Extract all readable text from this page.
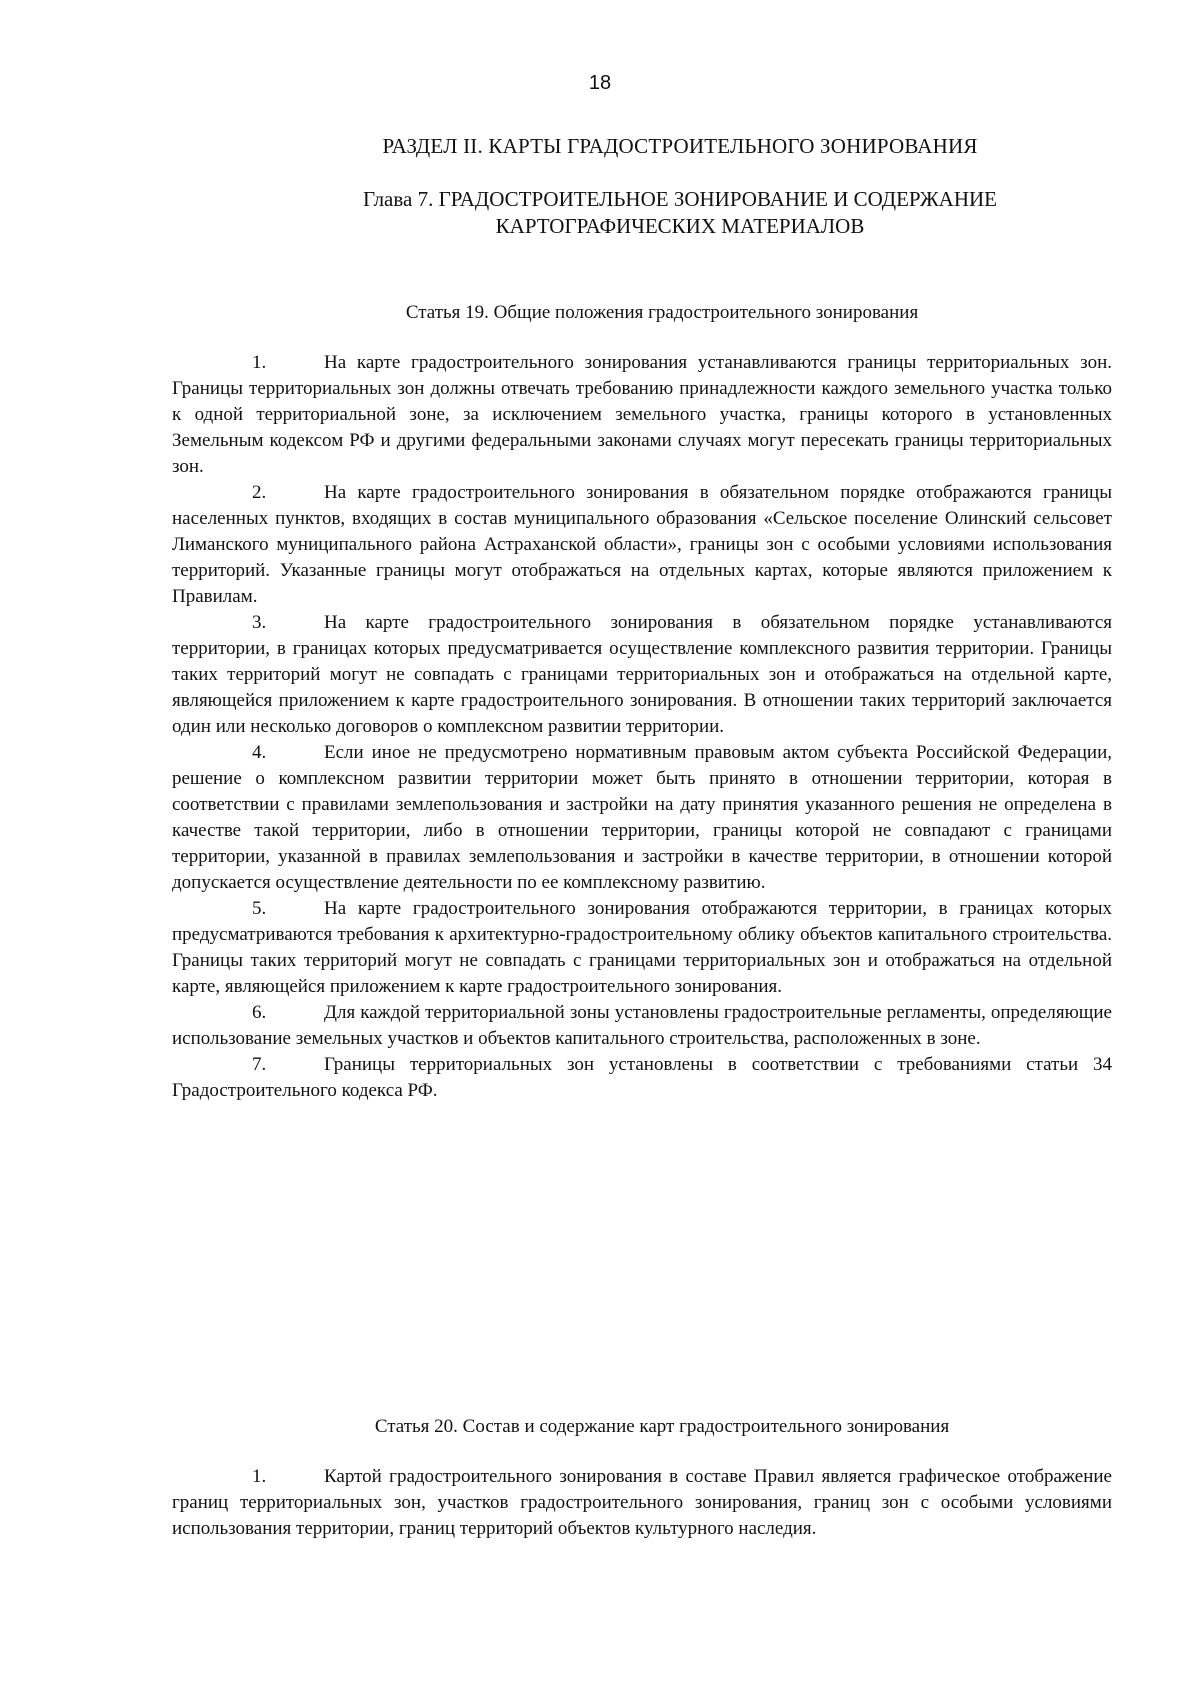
18
РАЗДЕЛ II. КАРТЫ ГРАДОСТРОИТЕЛЬНОГО ЗОНИРОВАНИЯ
Глава 7. ГРАДОСТРОИТЕЛЬНОЕ ЗОНИРОВАНИЕ И СОДЕРЖАНИЕ
КАРТОГРАФИЧЕСКИХ МАТЕРИАЛОВ
Статья 19. Общие положения градостроительного зонирования

1.	На карте градостроительного зонирования устанавливаются границы территориальных зон. Границы территориальных зон должны отвечать требованию принадлежности каждого земельного участка только к одной территориальной зоне, за исключением земельного участка, границы которого в установленных Земельным кодексом РФ и другими федеральными законами случаях могут пересекать границы территориальных зон.

2.	На карте градостроительного зонирования в обязательном порядке отображаются границы населенных пунктов, входящих в состав муниципального образования «Сельское поселение Олинский сельсовет Лиманского муниципального района Астраханской области», границы зон с особыми условиями использования территорий. Указанные границы могут отображаться на отдельных картах, которые являются приложением к Правилам.

3.	На карте градостроительного зонирования в обязательном порядке устанавливаются территории, в границах которых предусматривается осуществление комплексного развития территории. Границы таких территорий могут не совпадать с границами территориальных зон и отображаться на отдельной карте, являющейся приложением к карте градостроительного зонирования. В отношении таких территорий заключается один или несколько договоров о комплексном развитии территории.

4.	Если иное не предусмотрено нормативным правовым актом субъекта Российской Федерации, решение о комплексном развитии территории может быть принято в отношении территории, которая в соответствии с правилами землепользования и застройки на дату принятия указанного решения не определена в качестве такой территории, либо в отношении территории, границы которой не совпадают с границами территории, указанной в правилах землепользования и застройки в качестве территории, в отношении которой допускается осуществление деятельности по ее комплексному развитию.

5.	На карте градостроительного зонирования отображаются территории, в границах которых предусматриваются требования к архитектурно-градостроительному облику объектов капитального строительства. Границы таких территорий могут не совпадать с границами территориальных зон и отображаться на отдельной карте, являющейся приложением к карте градостроительного зонирования.

6.	Для каждой территориальной зоны установлены градостроительные регламенты, определяющие использование земельных участков и объектов капитального строительства, расположенных в зоне.

7.	Границы территориальных зон установлены в соответствии с требованиями статьи 34 Градостроительного кодекса РФ.

Статья 20. Состав и содержание карт градостроительного зонирования

1.	Картой градостроительного зонирования в составе Правил является графическое отображение границ территориальных зон, участков градостроительного зонирования, границ зон с особыми условиями использования территории, границ территорий объектов культурного наследия.
